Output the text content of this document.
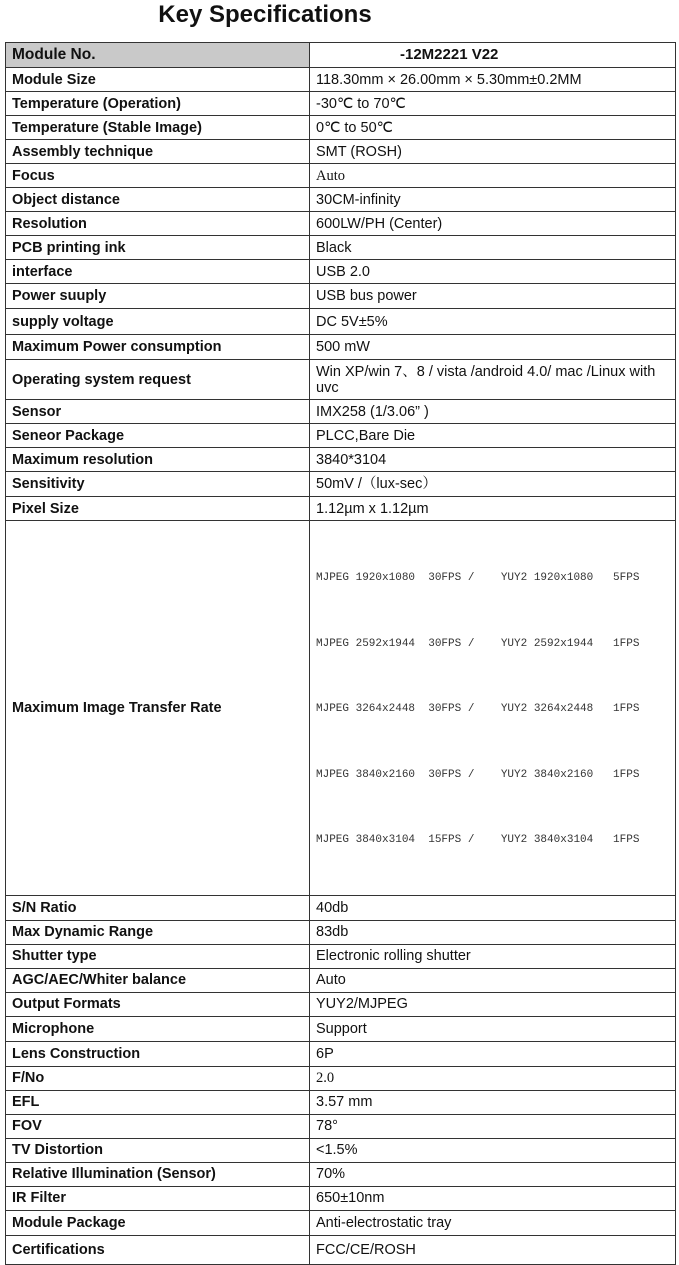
Key Specifications
Module No.	-12M2221 V22
Module Size	118.30mm × 26.00mm × 5.30mm±0.2MM
Temperature (Operation)	-30℃ to 70℃
Temperature (Stable Image)	0℃ to 50℃
Assembly technique	SMT (ROSH)
Focus	Auto
Object distance	30CM-infinity
Resolution	600LW/PH (Center)
PCB printing ink	Black
interface	USB 2.0
Power suuply	USB bus power
supply voltage	DC 5V±5%
Maximum Power consumption	500 mW
Operating system request	Win XP/win 7、8 / vista /android 4.0/ mac /Linux with uvc
Sensor	IMX258 (1/3.06” )
Seneor Package	PLCC,Bare Die
Maximum resolution	3840*3104
Sensitivity	50mV /（lux-sec）
Pixel Size	1.12µm x 1.12µm
Maximum Image Transfer Rate	MJPEG 1920x1080  30FPS /    YUY2 1920x1080   5FPS

MJPEG 2592x1944  30FPS /    YUY2 2592x1944   1FPS

MJPEG 3264x2448  30FPS /    YUY2 3264x2448   1FPS

MJPEG 3840x2160  30FPS /    YUY2 3840x2160   1FPS

MJPEG 3840x3104  15FPS /    YUY2 3840x3104   1FPS

S/N Ratio	40db
Max Dynamic Range	83db
Shutter type	Electronic rolling shutter
AGC/AEC/Whiter balance	Auto
Output Formats	YUY2/MJPEG
Microphone	Support
Lens Construction	6P
F/No	2.0
EFL	3.57 mm
FOV	78°
TV Distortion	<1.5%
Relative Illumination (Sensor)	70%
IR Filter	650±10nm
Module Package	Anti-electrostatic tray
Certifications	FCC/CE/ROSH
